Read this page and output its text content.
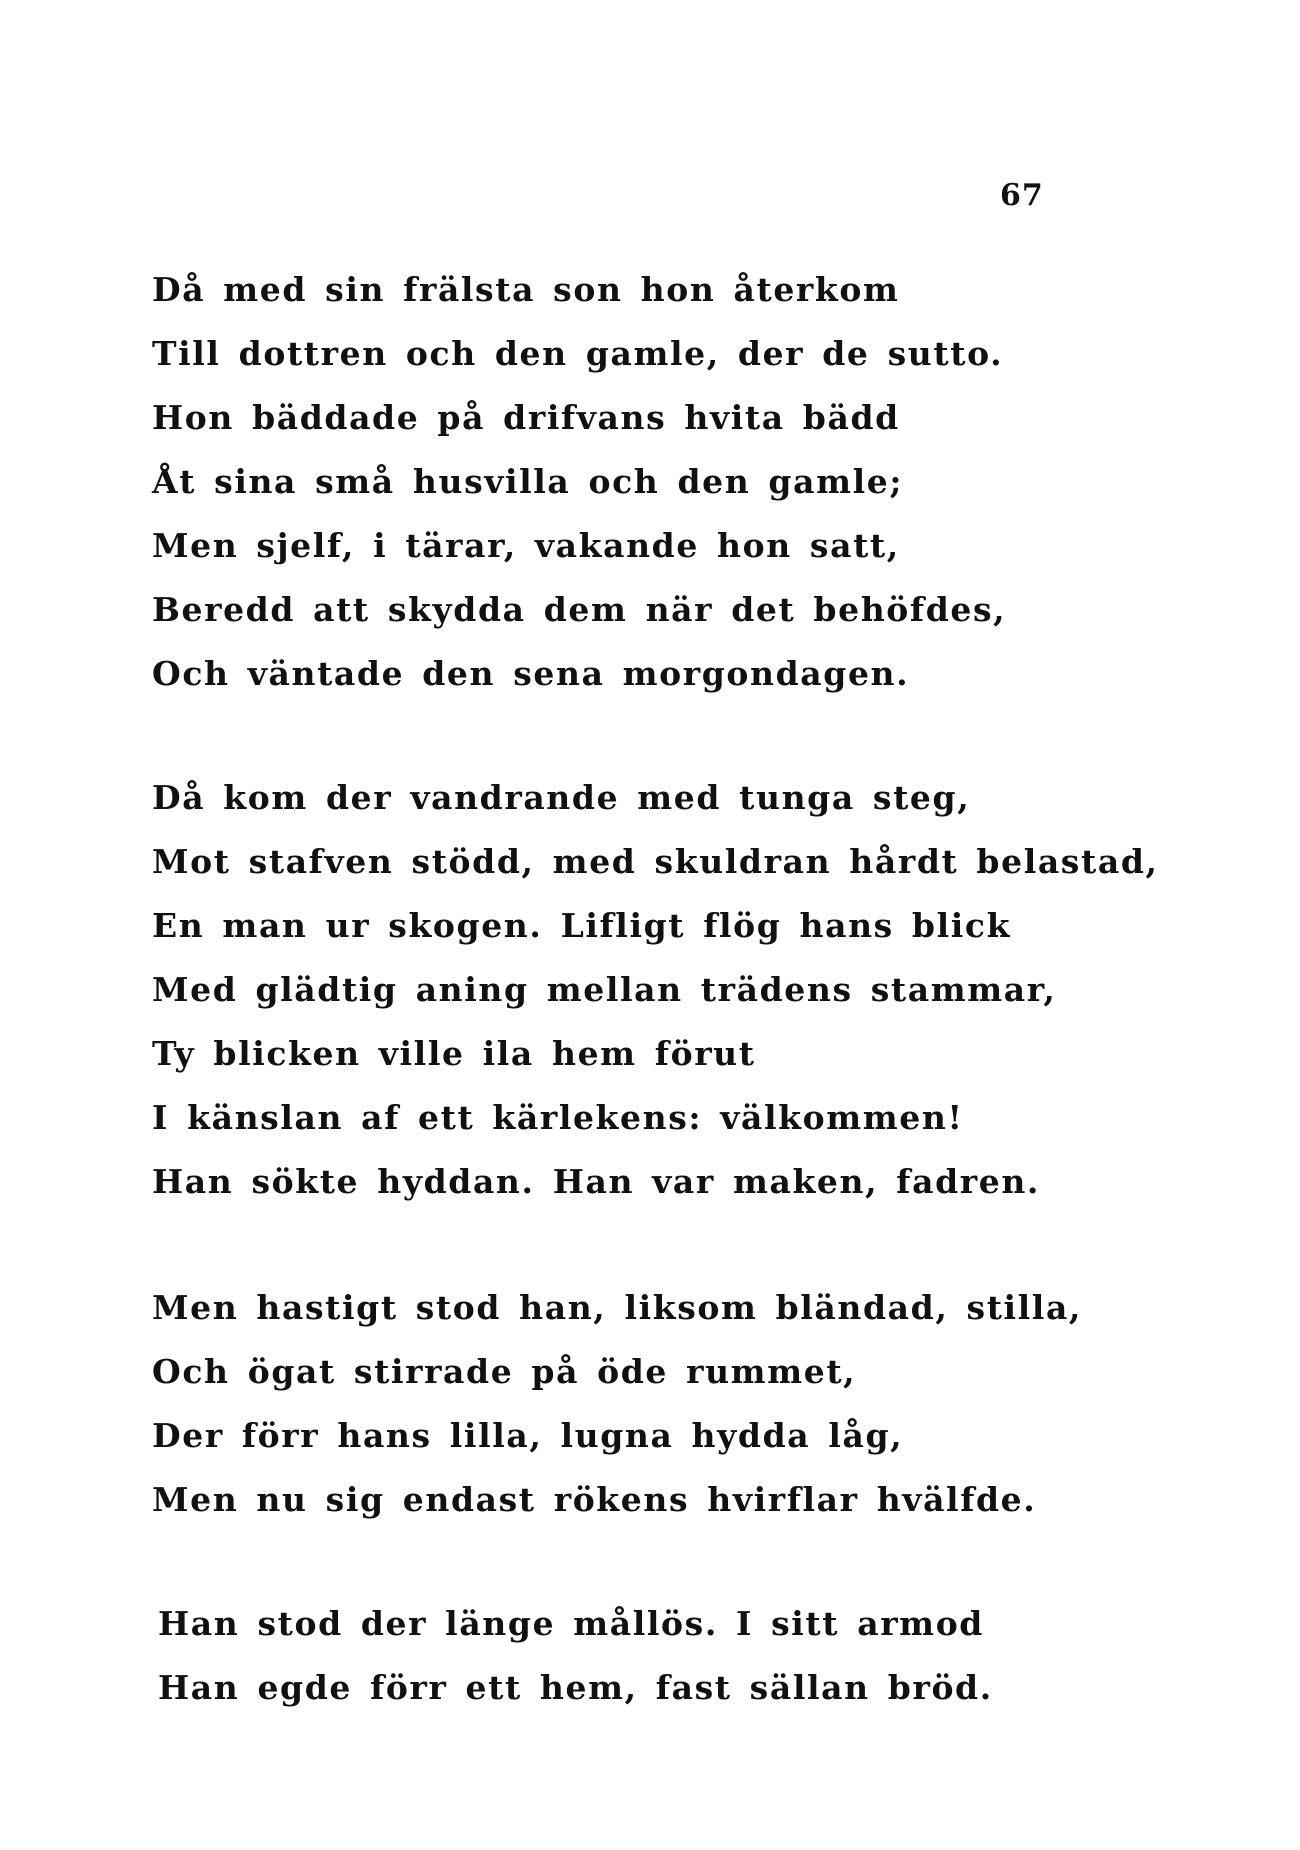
67
Då med sin frälsta son hon återkom
Till dottren och den gamle, der de sutto.
Hon bäddade på drifvans hvita bädd
Åt sina små husvilla och den gamle;
Men sjelf, i tärar, vakande hon satt,
Beredd att skydda dem när det behöfdes,
Och väntade den sena morgondagen.
Då kom der vandrande med tunga steg,
Mot stafven stödd, med skuldran hårdt belastad,
En man ur skogen. Lifligt flög hans blick
Med glädtig aning mellan trädens stammar,
Ty blicken ville ila hem förut
I känslan af ett kärlekens: välkommen!
Han sökte hyddan. Han var maken, fadren.
Men hastigt stod han, liksom bländad, stilla,
Och ögat stirrade på öde rummet,
Der förr hans lilla, lugna hydda låg,
Men nu sig endast rökens hvirflar hvälfde.
Han stod der länge mållös. I sitt armod
Han egde förr ett hem, fast sällan bröd.
